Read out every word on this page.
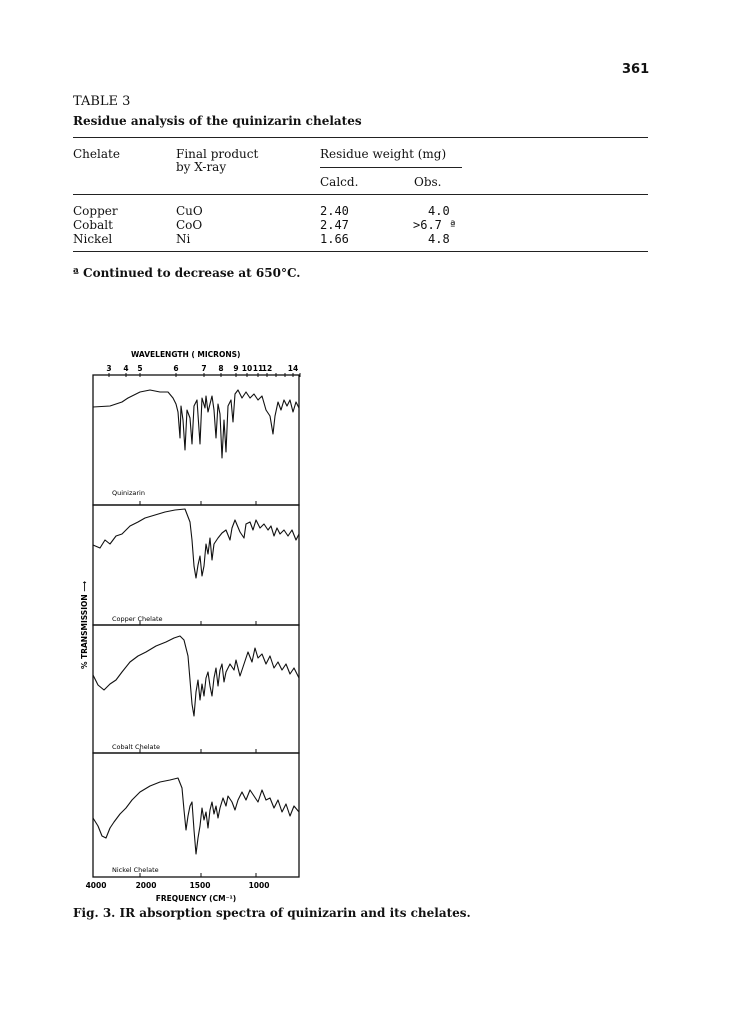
361
TABLE 3
Residue analysis of the quinizarin chelates
Chelate	Final product
by X-ray
Residue weight (mg)
Calcd.	Obs.
Copper	CuO	2.40	4.0
Cobalt	CoO	2.47	>6.7 ª
Nickel	Ni	1.66	4.8
ª Continued to decrease at 650°C.
WAVELENGTH ( MICRONS)
3 4 5	6	7 8 9 10 11
12 14
Quinizarin
Copper Chelate
Cobalt Chelate
Nickel Chelate
% TRANSMISSION ⟶
4000	2000	1500	1000
FREQUENCY (CM⁻¹)
Fig. 3. IR absorption spectra of quinizarin and its chelates.
